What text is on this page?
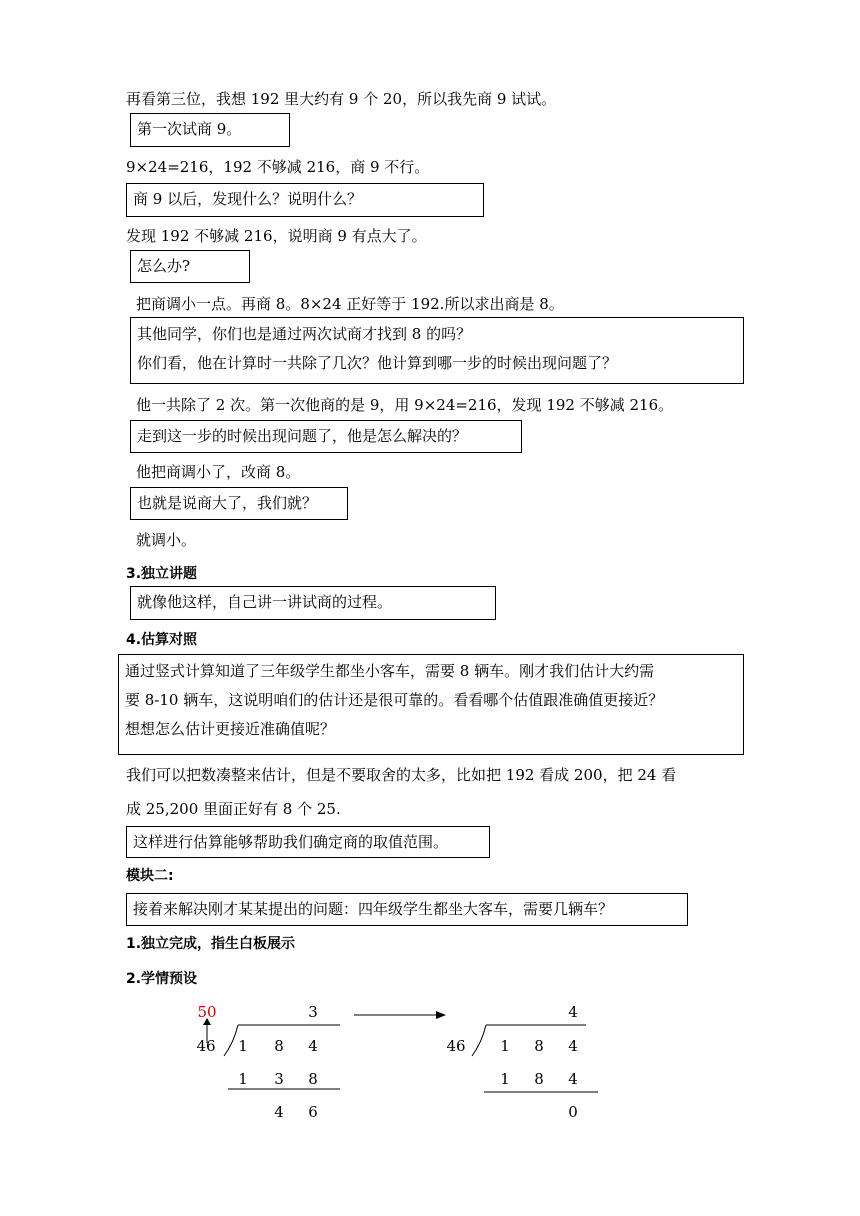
再看第三位，我想 192 里大约有 9 个 20，所以我先商 9 试试。

第一次试商 9。

9×24=216，192 不够减 216，商 9 不行。

商 9 以后，发现什么？说明什么？

发现 192 不够减 216，说明商 9 有点大了。

怎么办?

把商调小一点。再商 8。8×24 正好等于 192.所以求出商是 8。

其他同学，你们也是通过两次试商才找到 8 的吗？

你们看，他在计算时一共除了几次？他计算到哪一步的时候出现问题了？

他一共除了 2 次。第一次他商的是 9，用 9×24=216，发现 192 不够减 216。

走到这一步的时候出现问题了，他是怎么解决的？

他把商调小了，改商 8。

也就是说商大了，我们就？

就调小。
3.独立讲题

就像他这样，自己讲一讲试商的过程。

4.估算对照

通过竖式计算知道了三年级学生都坐小客车，需要 8 辆车。刚才我们估计大约需

要 8-10 辆车，这说明咱们的估计还是很可靠的。看看哪个估值跟准确值更接近？

想想怎么估计更接近准确值呢？

我们可以把数凑整来估计，但是不要取舍的太多，比如把 192 看成 200，把 24 看
成 25,200 里面正好有 8 个 25.

这样进行估算能够帮助我们确定商的取值范围。

模块二:

接着来解决刚才某某提出的问题：四年级学生都坐大客车，需要几辆车？

1.独立完成，指生白板展示
2.学情预设
50	3
46	1	8	4
1	3	8
4	6
4
46	1	8	4
1	8	4
0
